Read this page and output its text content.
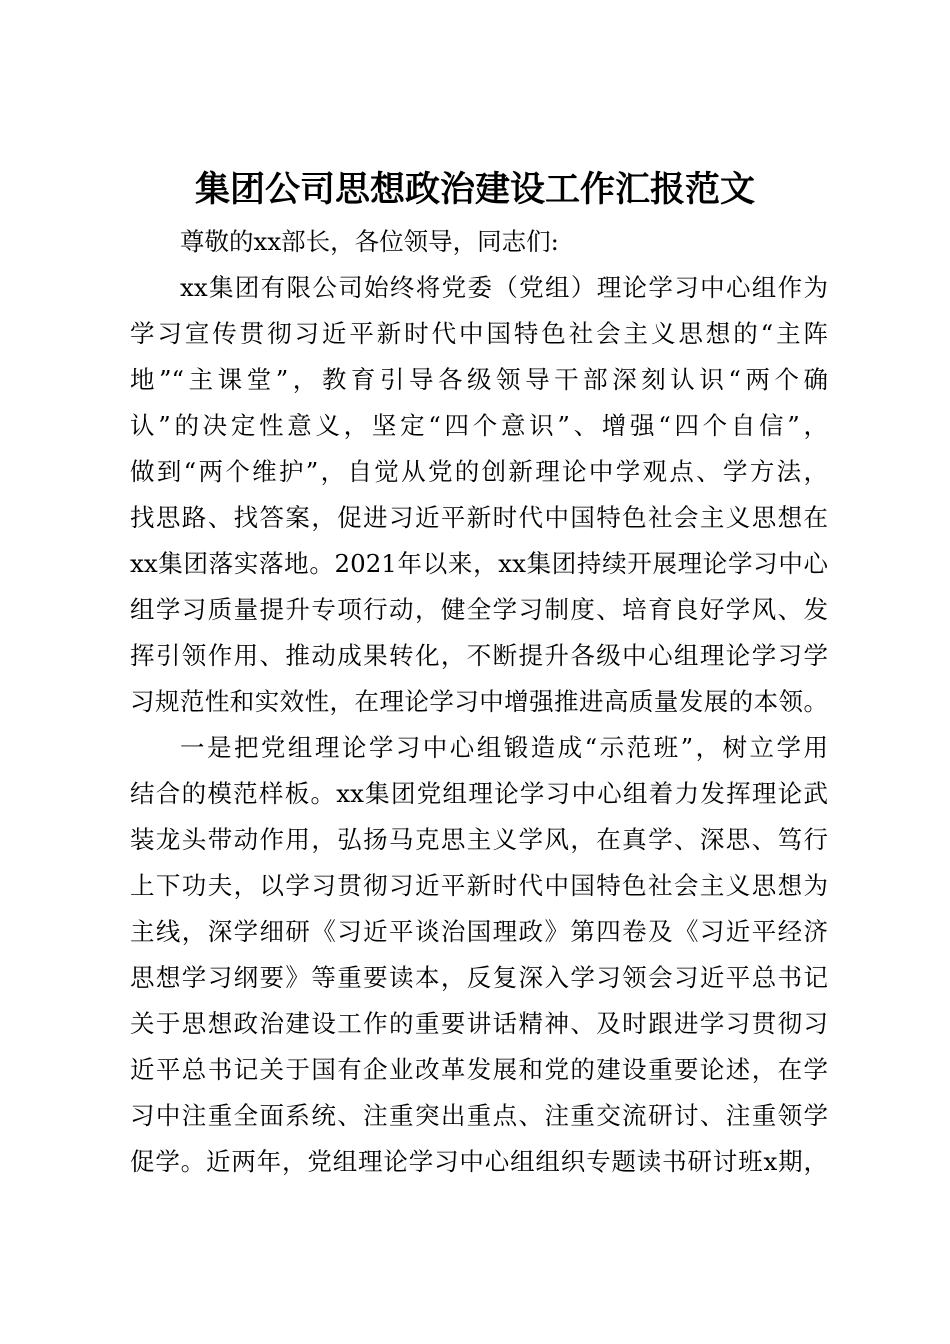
集团公司思想政治建设工作汇报范文
尊敬的xx部长，各位领导，同志们:
xx集团有限公司始终将党委（党组）理论学习中心组作为
学习宣传贯彻习近平新时代中国特色社会主义思想的“主阵
地”“主课堂”，教育引导各级领导干部深刻认识“两个确
认”的决定性意义，坚定“四个意识”、增强“四个自信”，
做到“两个维护”，自觉从党的创新理论中学观点、学方法，
找思路、找答案，促进习近平新时代中国特色社会主义思想在
xx集团落实落地。2021年以来，xx集团持续开展理论学习中心
组学习质量提升专项行动，健全学习制度、培育良好学风、发
挥引领作用、推动成果转化，不断提升各级中心组理论学习学
习规范性和实效性，在理论学习中增强推进高质量发展的本领。
一是把党组理论学习中心组锻造成“示范班”，树立学用
结合的模范样板。xx集团党组理论学习中心组着力发挥理论武
装龙头带动作用，弘扬马克思主义学风，在真学、深思、笃行
上下功夫，以学习贯彻习近平新时代中国特色社会主义思想为
主线，深学细研《习近平谈治国理政》第四卷及《习近平经济
思想学习纲要》等重要读本，反复深入学习领会习近平总书记
关于思想政治建设工作的重要讲话精神、及时跟进学习贯彻习
近平总书记关于国有企业改革发展和党的建设重要论述，在学
习中注重全面系统、注重突出重点、注重交流研讨、注重领学
促学。近两年，党组理论学习中心组组织专题读书研讨班x期，
